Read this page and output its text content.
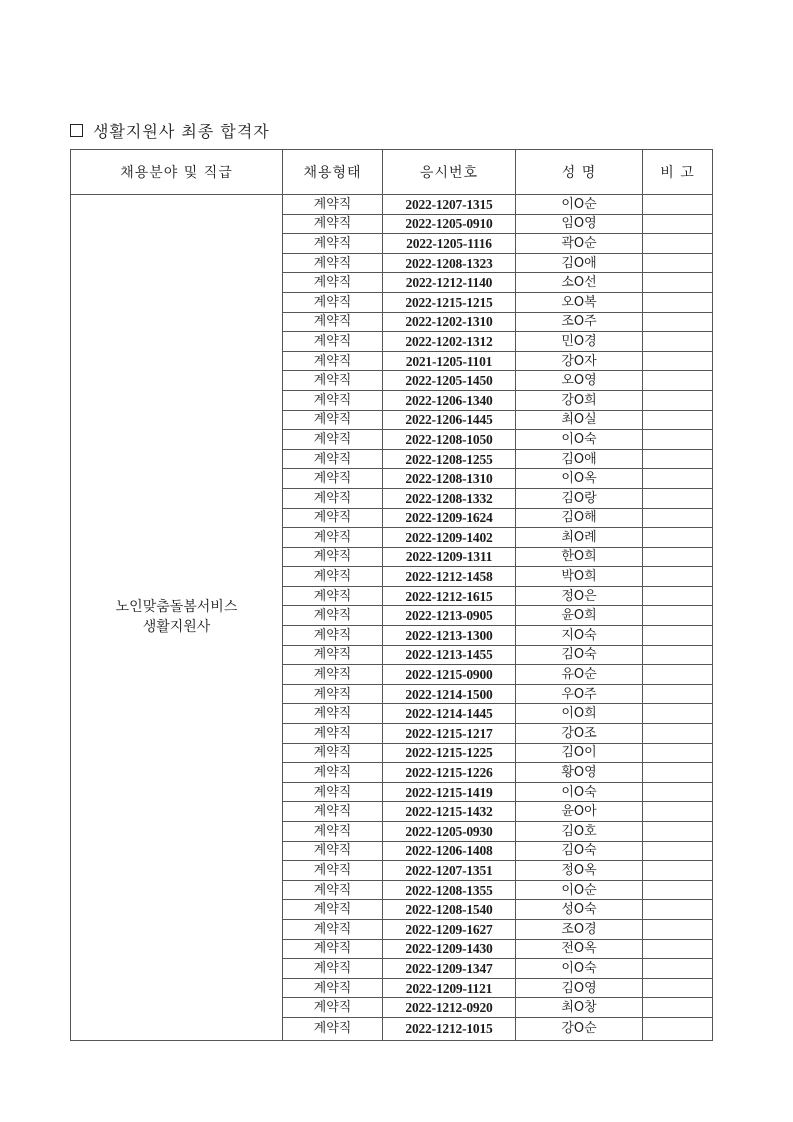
생활지원사 최종 합격자
채용분야 및 직급	채용형태	응시번호	성 명	비 고

노인맞춤돌봄서비스
생활지원사	계약직	2022-1207-1315	이O순	
	계약직	2022-1205-0910	임O영	
	계약직	2022-1205-1116	곽O순	
	계약직	2022-1208-1323	김O애	
	계약직	2022-1212-1140	소O선	
	계약직	2022-1215-1215	오O복	
	계약직	2022-1202-1310	조O주	
	계약직	2022-1202-1312	민O경	
	계약직	2021-1205-1101	강O자	
	계약직	2022-1205-1450	오O영	
	계약직	2022-1206-1340	강O희	
	계약직	2022-1206-1445	최O실	
	계약직	2022-1208-1050	이O숙	
	계약직	2022-1208-1255	김O애	
	계약직	2022-1208-1310	이O옥	
	계약직	2022-1208-1332	김O랑	
	계약직	2022-1209-1624	김O해	
	계약직	2022-1209-1402	최O례	
	계약직	2022-1209-1311	한O희	
	계약직	2022-1212-1458	박O희	
	계약직	2022-1212-1615	정O은	
	계약직	2022-1213-0905	윤O희	
	계약직	2022-1213-1300	지O숙	
	계약직	2022-1213-1455	김O숙	
	계약직	2022-1215-0900	유O순	
	계약직	2022-1214-1500	우O주	
	계약직	2022-1214-1445	이O희	
	계약직	2022-1215-1217	강O조	
	계약직	2022-1215-1225	김O이	
	계약직	2022-1215-1226	황O영	
	계약직	2022-1215-1419	이O숙	
	계약직	2022-1215-1432	윤O아	
	계약직	2022-1205-0930	김O호	
	계약직	2022-1206-1408	김O숙	
	계약직	2022-1207-1351	정O옥	
	계약직	2022-1208-1355	이O순	
	계약직	2022-1208-1540	성O숙	
	계약직	2022-1209-1627	조O경	
	계약직	2022-1209-1430	전O옥	
	계약직	2022-1209-1347	이O숙	
	계약직	2022-1209-1121	김O영	
	계약직	2022-1212-0920	최O창	
	계약직	2022-1212-1015	강O순	
